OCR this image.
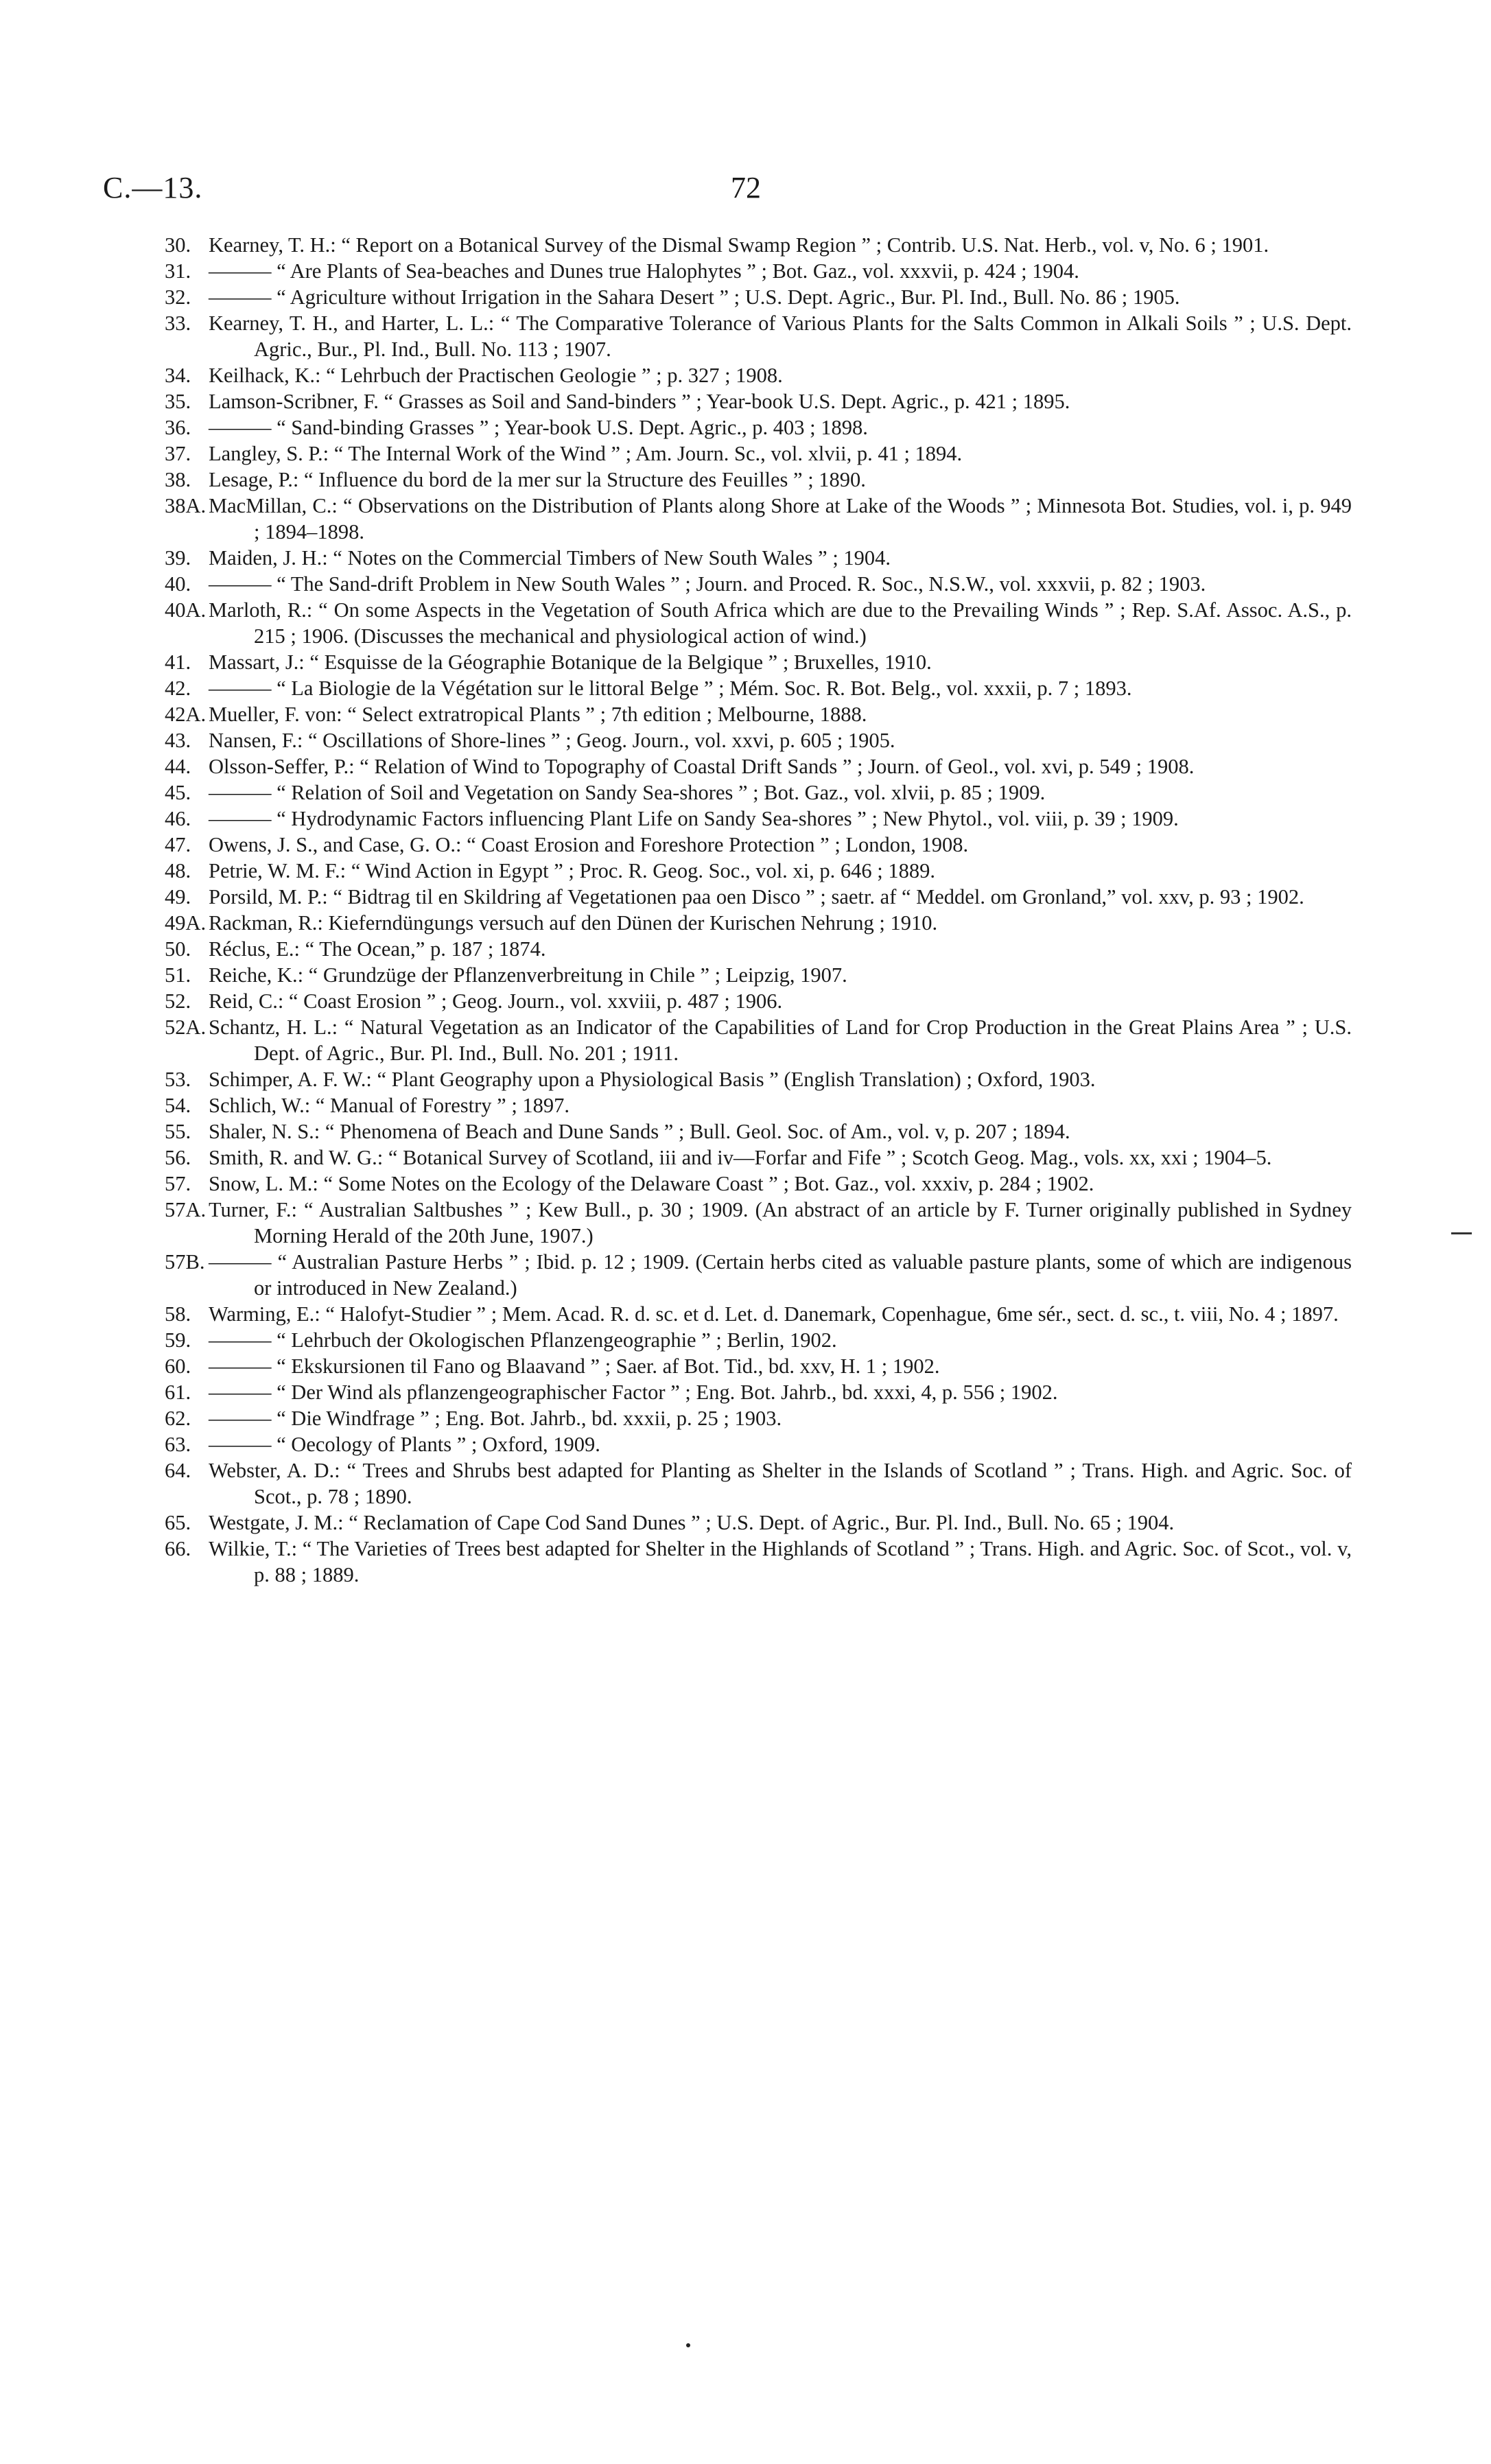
C.—13.	72
30. Kearney, T. H.: “ Report on a Botanical Survey of the Dismal Swamp Region ” ; Contrib. U.S. Nat. Herb., vol. v, No. 6 ; 1901.
31. ——— “ Are Plants of Sea-beaches and Dunes true Halophytes ” ; Bot. Gaz., vol. xxxvii, p. 424 ; 1904.
32. ——— “ Agriculture without Irrigation in the Sahara Desert ” ; U.S. Dept. Agric., Bur. Pl. Ind., Bull. No. 86 ; 1905.
33. Kearney, T. H., and Harter, L. L.: “ The Comparative Tolerance of Various Plants for the Salts Common in Alkali Soils ” ; U.S. Dept. Agric., Bur., Pl. Ind., Bull. No. 113 ; 1907.
34. Keilhack, K.: “ Lehrbuch der Practischen Geologie ” ; p. 327 ; 1908.
35. Lamson-Scribner, F. “ Grasses as Soil and Sand-binders ” ; Year-book U.S. Dept. Agric., p. 421 ; 1895.
36. ——— “ Sand-binding Grasses ” ; Year-book U.S. Dept. Agric., p. 403 ; 1898.
37. Langley, S. P.: “ The Internal Work of the Wind ” ; Am. Journ. Sc., vol. xlvii, p. 41 ; 1894.
38. Lesage, P.: “ Influence du bord de la mer sur la Structure des Feuilles ” ; 1890.
38A. MacMillan, C.: “ Observations on the Distribution of Plants along Shore at Lake of the Woods ” ; Minnesota Bot. Studies, vol. i, p. 949 ; 1894–1898.
39. Maiden, J. H.: “ Notes on the Commercial Timbers of New South Wales ” ; 1904.
40. ——— “ The Sand-drift Problem in New South Wales ” ; Journ. and Proced. R. Soc., N.S.W., vol. xxxvii, p. 82 ; 1903.
40A. Marloth, R.: “ On some Aspects in the Vegetation of South Africa which are due to the Prevailing Winds ” ; Rep. S.Af. Assoc. A.S., p. 215 ; 1906. (Discusses the mechanical and physiological action of wind.)
41. Massart, J.: “ Esquisse de la Géographie Botanique de la Belgique ” ; Bruxelles, 1910.
42. ——— “ La Biologie de la Végétation sur le littoral Belge ” ; Mém. Soc. R. Bot. Belg., vol. xxxii, p. 7 ; 1893.
42A. Mueller, F. von: “ Select extratropical Plants ” ; 7th edition ; Melbourne, 1888.
43. Nansen, F.: “ Oscillations of Shore-lines ” ; Geog. Journ., vol. xxvi, p. 605 ; 1905.
44. Olsson-Seffer, P.: “ Relation of Wind to Topography of Coastal Drift Sands ” ; Journ. of Geol., vol. xvi, p. 549 ; 1908.
45. ——— “ Relation of Soil and Vegetation on Sandy Sea-shores ” ; Bot. Gaz., vol. xlvii, p. 85 ; 1909.
46. ——— “ Hydrodynamic Factors influencing Plant Life on Sandy Sea-shores ” ; New Phytol., vol. viii, p. 39 ; 1909.
47. Owens, J. S., and Case, G. O.: “ Coast Erosion and Foreshore Protection ” ; London, 1908.
48. Petrie, W. M. F.: “ Wind Action in Egypt ” ; Proc. R. Geog. Soc., vol. xi, p. 646 ; 1889.
49. Porsild, M. P.: “ Bidtrag til en Skildring af Vegetationen paa oen Disco ” ; saetr. af “ Meddel. om Gronland,” vol. xxv, p. 93 ; 1902.
49A. Rackman, R.: Kieferndüngungs versuch auf den Dünen der Kurischen Nehrung ; 1910.
50. Réclus, E.: “ The Ocean,” p. 187 ; 1874.
51. Reiche, K.: “ Grundzüge der Pflanzenverbreitung in Chile ” ; Leipzig, 1907.
52. Reid, C.: “ Coast Erosion ” ; Geog. Journ., vol. xxviii, p. 487 ; 1906.
52A. Schantz, H. L.: “ Natural Vegetation as an Indicator of the Capabilities of Land for Crop Production in the Great Plains Area ” ; U.S. Dept. of Agric., Bur. Pl. Ind., Bull. No. 201 ; 1911.
53. Schimper, A. F. W.: “ Plant Geography upon a Physiological Basis ” (English Translation) ; Oxford, 1903.
54. Schlich, W.: “ Manual of Forestry ” ; 1897.
55. Shaler, N. S.: “ Phenomena of Beach and Dune Sands ” ; Bull. Geol. Soc. of Am., vol. v, p. 207 ; 1894.
56. Smith, R. and W. G.: “ Botanical Survey of Scotland, iii and iv—Forfar and Fife ” ; Scotch Geog. Mag., vols. xx, xxi ; 1904–5.
57. Snow, L. M.: “ Some Notes on the Ecology of the Delaware Coast ” ; Bot. Gaz., vol. xxxiv, p. 284 ; 1902.
57A. Turner, F.: “ Australian Saltbushes ” ; Kew Bull., p. 30 ; 1909. (An abstract of an article by F. Turner originally published in Sydney Morning Herald of the 20th June, 1907.)
57B. ——— “ Australian Pasture Herbs ” ; Ibid. p. 12 ; 1909. (Certain herbs cited as valuable pasture plants, some of which are indigenous or introduced in New Zealand.)
58. Warming, E.: “ Halofyt-Studier ” ; Mem. Acad. R. d. sc. et d. Let. d. Danemark, Copenhague, 6me sér., sect. d. sc., t. viii, No. 4 ; 1897.
59. ——— “ Lehrbuch der Okologischen Pflanzengeographie ” ; Berlin, 1902.
60. ——— “ Ekskursionen til Fano og Blaavand ” ; Saer. af Bot. Tid., bd. xxv, H. 1 ; 1902.
61. ——— “ Der Wind als pflanzengeographischer Factor ” ; Eng. Bot. Jahrb., bd. xxxi, 4, p. 556 ; 1902.
62. ——— “ Die Windfrage ” ; Eng. Bot. Jahrb., bd. xxxii, p. 25 ; 1903.
63. ——— “ Oecology of Plants ” ; Oxford, 1909.
64. Webster, A. D.: “ Trees and Shrubs best adapted for Planting as Shelter in the Islands of Scotland ” ; Trans. High. and Agric. Soc. of Scot., p. 78 ; 1890.
65. Westgate, J. M.: “ Reclamation of Cape Cod Sand Dunes ” ; U.S. Dept. of Agric., Bur. Pl. Ind., Bull. No. 65 ; 1904.
66. Wilkie, T.: “ The Varieties of Trees best adapted for Shelter in the Highlands of Scotland ” ; Trans. High. and Agric. Soc. of Scot., vol. v, p. 88 ; 1889.
